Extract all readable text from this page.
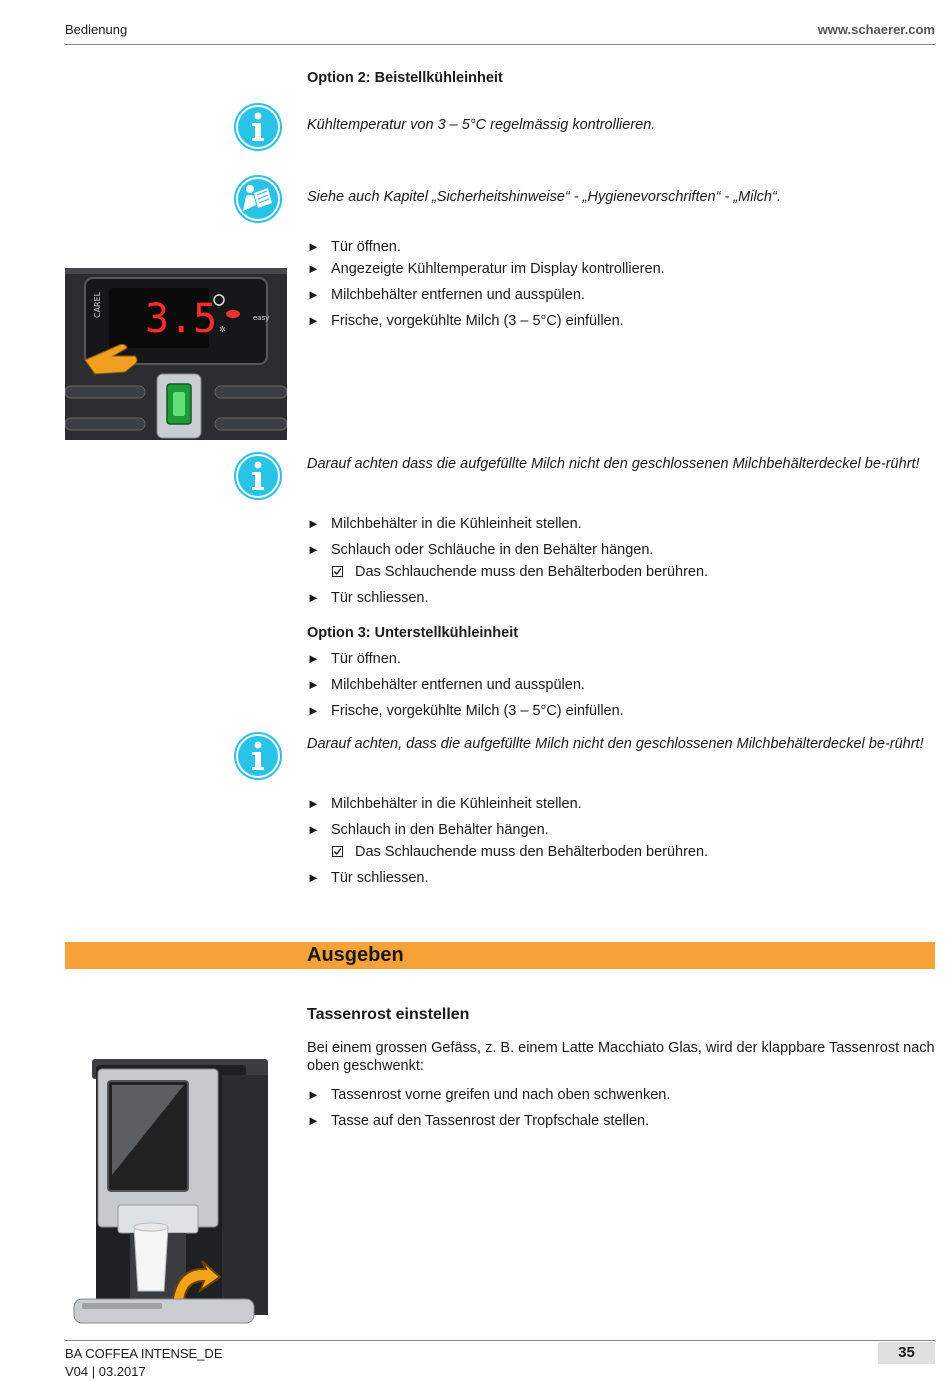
Bedienung	www.schaerer.com
Option 2: Beistellkühleinheit
Kühltemperatur von 3 – 5°C regelmässig kontrollieren.
Siehe auch Kapitel „Sicherheitshinweise“ - „Hygienevorschriften“ - „Milch“.
► Tür öffnen.
► Angezeigte Kühltemperatur im Display kontrollieren.
► Milchbehälter entfernen und ausspülen.
► Frische, vorgekühlte Milch (3 – 5°C) einfüllen.
CAREL 3.5 ✲
easy
Darauf achten dass die aufgefüllte Milch nicht den geschlossenen Milchbehälterdeckel be-rührt!
► Milchbehälter in die Kühleinheit stellen.
► Schlauch oder Schläuche in den Behälter hängen.
Das Schlauchende muss den Behälterboden berühren.
► Tür schliessen.
Option 3: Unterstellkühleinheit
► Tür öffnen.
► Milchbehälter entfernen und ausspülen.
► Frische, vorgekühlte Milch (3 – 5°C) einfüllen.
Darauf achten, dass die aufgefüllte Milch nicht den geschlossenen Milchbehälterdeckel be-rührt!
► Milchbehälter in die Kühleinheit stellen.
► Schlauch in den Behälter hängen.
Das Schlauchende muss den Behälterboden berühren.
► Tür schliessen.
Ausgeben
Tassenrost einstellen
Bei einem grossen Gefäss, z. B. einem Latte Macchiato Glas, wird der klappbare Tassenrost nach oben geschwenkt:
► Tassenrost vorne greifen und nach oben schwenken.
► Tasse auf den Tassenrost der Tropfschale stellen.
BA COFFEA INTENSE_DE
V04 | 03.2017
35
